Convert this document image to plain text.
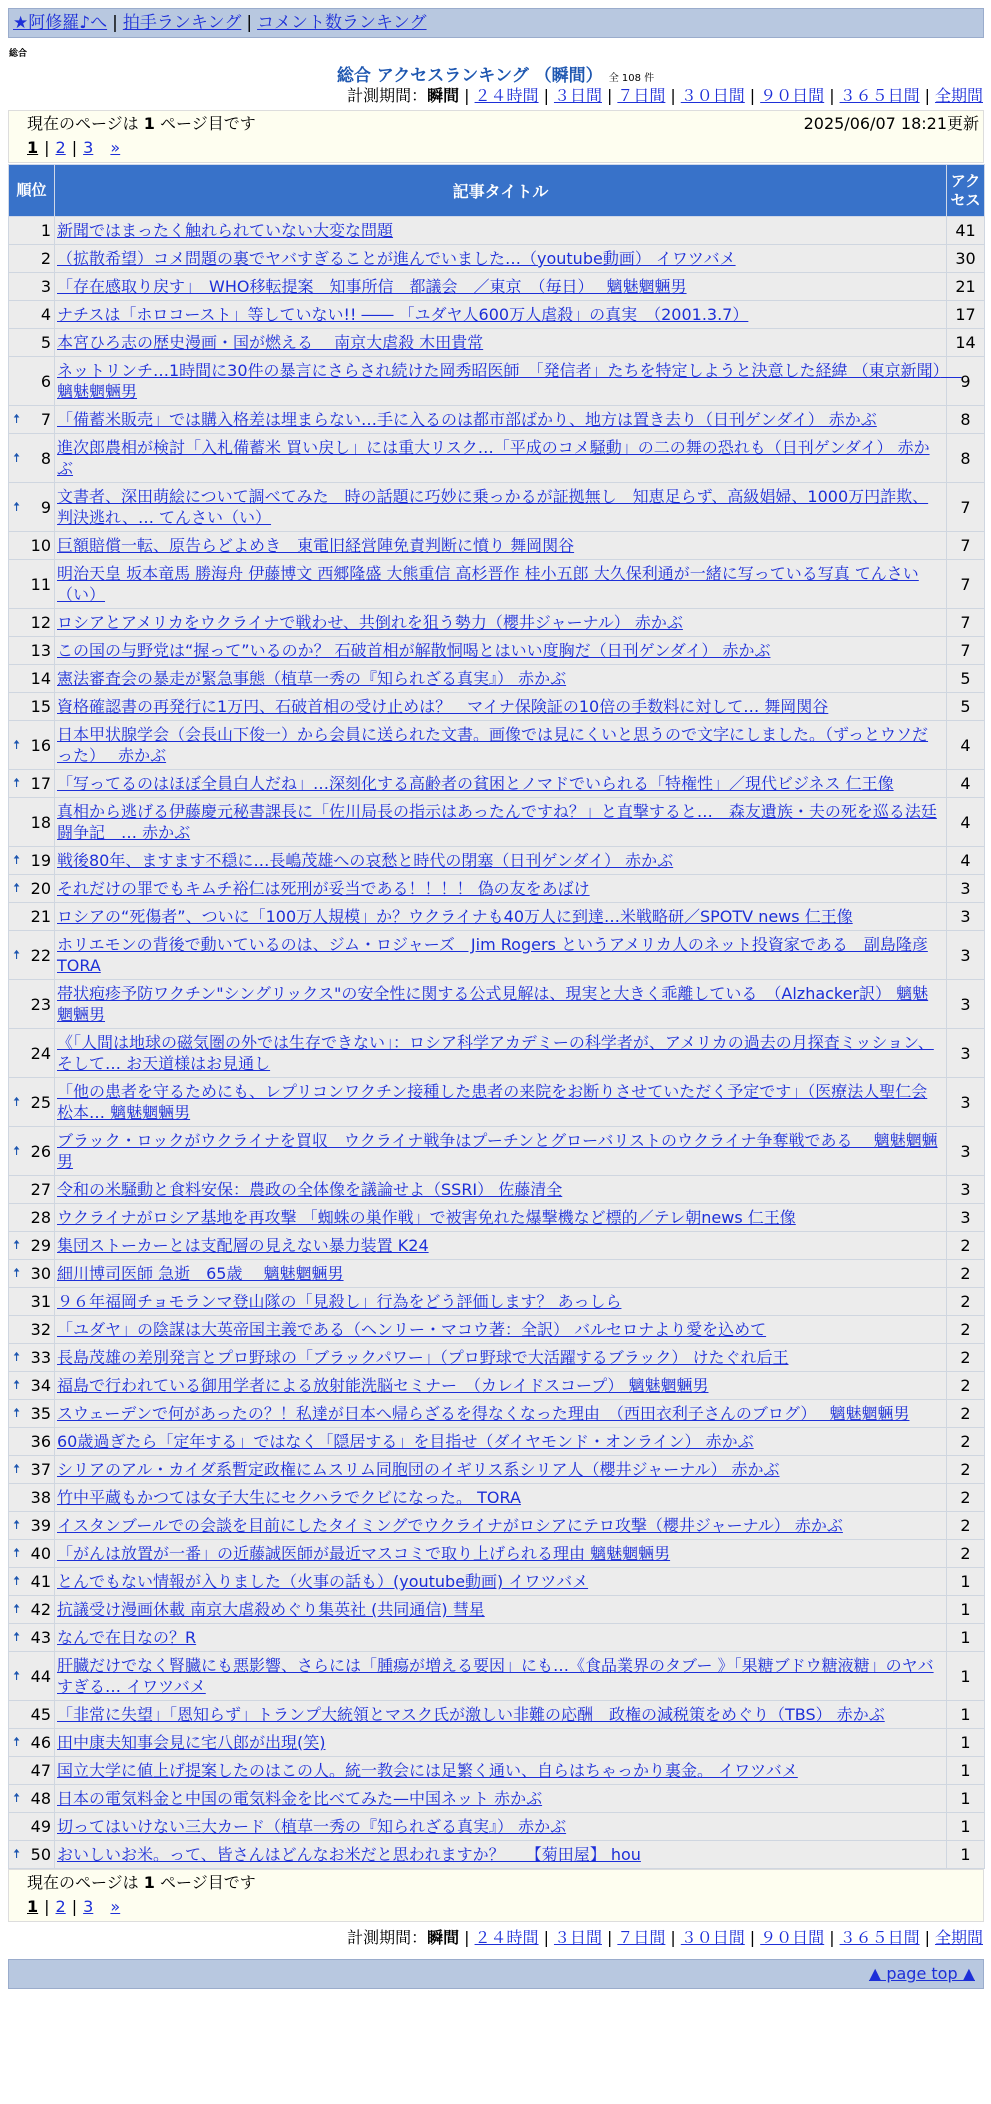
★阿修羅♪へ | 拍手ランキング | コメント数ランキング
総合
総合 アクセスランキング （瞬間） 全 108 件
計測期間：瞬間 | ２４時間 | ３日間 | ７日間 | ３０日間 | ９０日間 | ３６５日間 | 全期間
現在のページは 1 ページ目です	2025/06/07 18:21更新
1 | 2 | 3 »
順位	記事タイトル	アクセス
1	新聞ではまったく触れられていない大変な問題	41
2	（拡散希望）コメ問題の裏でヤバすぎることが進んでいました…（youtube動画） イワツバメ	30
3	「存在感取り戻す」　WHO移転提案　知事所信　都議会　／東京　（毎日）　 魑魅魍魎男	21
4	ナチスは「ホロコースト」等していない!! ―― 「ユダヤ人600万人虐殺」の真実　（2001.3.7）	17
5	本宮ひろ志の歴史漫画・国が燃える　 南京大虐殺 木田貴常	14
6	ネットリンチ…1時間に30件の暴言にさらされ続けた岡秀昭医師　「発信者」たちを特定しようと決意した経緯 （東京新聞）　 魑魅魍魎男	9

🠅 7	「備蓄米販売」では購入格差は埋まらない…手に入るのは都市部ばかり、地方は置き去り（日刊ゲンダイ） 赤かぶ	8

🠅 8	進次郎農相が検討「入札備蓄米 買い戻し」には重大リスク…「平成のコメ騒動」の二の舞の恐れも（日刊ゲンダイ） 赤かぶ	8

🠅 9	文書者、深田萌絵について調べてみた　時の話題に巧妙に乗っかるが証拠無し　知恵足らず、高級娼婦、1000万円詐欺、判決逃れ、… てんさい（い）	7
10	巨額賠償一転、原告らどよめき　東電旧経営陣免責判断に憤り 舞岡関谷	7
11	明治天皇 坂本竜馬 勝海舟 伊藤博文 西郷隆盛 大熊重信 高杉晋作 桂小五郎 大久保利通が一緒に写っている写真 てんさい（い）	7
12	ロシアとアメリカをウクライナで戦わせ、共倒れを狙う勢力（櫻井ジャーナル） 赤かぶ	7
13	この国の与野党は“握って”いるのか？ 石破首相が解散恫喝とはいい度胸だ（日刊ゲンダイ） 赤かぶ	7
14	憲法審査会の暴走が緊急事態（植草一秀の『知られざる真実』） 赤かぶ	5
15	資格確認書の再発行に1万円、石破首相の受け止めは？　マイナ保険証の10倍の手数料に対して… 舞岡関谷	5

🠅 16	日本甲状腺学会（会長山下俊一）から会員に送られた文書。画像では見にくいと思うので文字にしました。（ずっとウソだった）　 赤かぶ	4

🠅 17	「写ってるのはほぼ全員白人だね」…深刻化する高齢者の貧困とノマドでいられる「特権性」／現代ビジネス 仁王像	4
18	真相から逃げる伊藤慶元秘書課長に「佐川局長の指示はあったんですね？」と直撃すると…　森友遺族・夫の死を巡る法廷闘争記　… 赤かぶ	4

🠅 19	戦後80年、ますます不穏に…長嶋茂雄への哀愁と時代の閉塞（日刊ゲンダイ） 赤かぶ	4

🠅 20	それだけの罪でもキムチ裕仁は死刑が妥当である！！！！ 偽の友をあばけ	3
21	ロシアの“死傷者”、ついに「100万人規模」か？ウクライナも40万人に到達…米戦略研／SPOTV news 仁王像	3

🠅 22	ホリエモンの背後で動いているのは、ジム・ロジャーズ　Jim Rogers というアメリカ人のネット投資家である　副島隆彦 TORA	3
23	帯状疱疹予防ワクチン"シングリックス"の安全性に関する公式見解は、現実と大きく乖離している　（Alzhacker訳） 魑魅魍魎男	3
24	《「人間は地球の磁気圏の外では生存できない」：ロシア科学アカデミーの科学者が、アメリカの過去の月探査ミッション、そして… お天道様はお見通し	3

🠅 25	「他の患者を守るためにも、レプリコンワクチン接種した患者の来院をお断りさせていただく予定です」（医療法人聖仁会松本… 魑魅魍魎男	3

🠅 26	ブラック・ロックがウクライナを買収　ウクライナ戦争はプーチンとグローバリストのウクライナ争奪戦である　 魑魅魍魎男	3
27	令和の米騒動と食料安保：農政の全体像を議論せよ（SSRI） 佐藤清全	3
28	ウクライナがロシア基地を再攻撃 「蜘蛛の巣作戦」で被害免れた爆撃機など標的／テレ朝news 仁王像	3

🠅 29	集団ストーカーとは支配層の見えない暴力装置 K24	2

🠅 30	細川博司医師 急逝　65歳　 魑魅魍魎男	2
31	９６年福岡チョモランマ登山隊の「見殺し」行為をどう評価します？ あっしら	2
32	「ユダヤ」の陰謀は大英帝国主義である（ヘンリー・マコウ著：全訳） バルセロナより愛を込めて	2

🠅 33	長島茂雄の差別発言とプロ野球の「ブラックパワー」（プロ野球で大活躍するブラック） けたぐれ后王	2

🠅 34	福島で行われている御用学者による放射能洗脳セミナー　（カレイドスコープ） 魑魅魍魎男	2

🠅 35	スウェーデンで何があったの？！私達が日本へ帰らざるを得なくなった理由　（西田衣利子さんのブログ）　 魑魅魍魎男	2
36	60歳過ぎたら「定年する」ではなく「隠居する」を目指せ（ダイヤモンド・オンライン） 赤かぶ	2

🠅 37	シリアのアル・カイダ系暫定政権にムスリム同胞団のイギリス系シリア人（櫻井ジャーナル） 赤かぶ	2
38	竹中平蔵もかつては女子大生にセクハラでクビになった。 TORA	2

🠅 39	イスタンブールでの会談を目前にしたタイミングでウクライナがロシアにテロ攻撃（櫻井ジャーナル） 赤かぶ	2

🠅 40	「がんは放置が一番」の近藤誠医師が最近マスコミで取り上げられる理由 魑魅魍魎男	2

🠅 41	とんでもない情報が入りました（火事の話も）(youtube動画) イワツバメ	1

🠅 42	抗議受け漫画休載 南京大虐殺めぐり集英社 (共同通信) 彗星	1

🠅 43	なんで在日なの？R	1

🠅 44	肝臓だけでなく腎臓にも悪影響、さらには「腫瘍が増える要因」にも…《食品業界のタブー 》「果糖ブドウ糖液糖」のヤバすぎる… イワツバメ	1
45	「非常に失望」「恩知らず」トランプ大統領とマスク氏が激しい非難の応酬　政権の減税策をめぐり（TBS） 赤かぶ	1

🠅 46	田中康夫知事会見に宅八郎が出現(笑)	1
47	国立大学に値上げ提案したのはこの人。統一教会には足繁く通い、自らはちゃっかり裏金。 イワツバメ	1

🠅 48	日本の電気料金と中国の電気料金を比べてみた—中国ネット 赤かぶ	1
49	切ってはいけない三大カード（植草一秀の『知られざる真実』） 赤かぶ	1

🠅 50	おいしいお米。って、皆さんはどんなお米だと思われますか？　 【菊田屋】 hou	1
現在のページは 1 ページ目です
1 | 2 | 3 »
計測期間：瞬間 | ２４時間 | ３日間 | ７日間 | ３０日間 | ９０日間 | ３６５日間 | 全期間
▲ page top ▲
